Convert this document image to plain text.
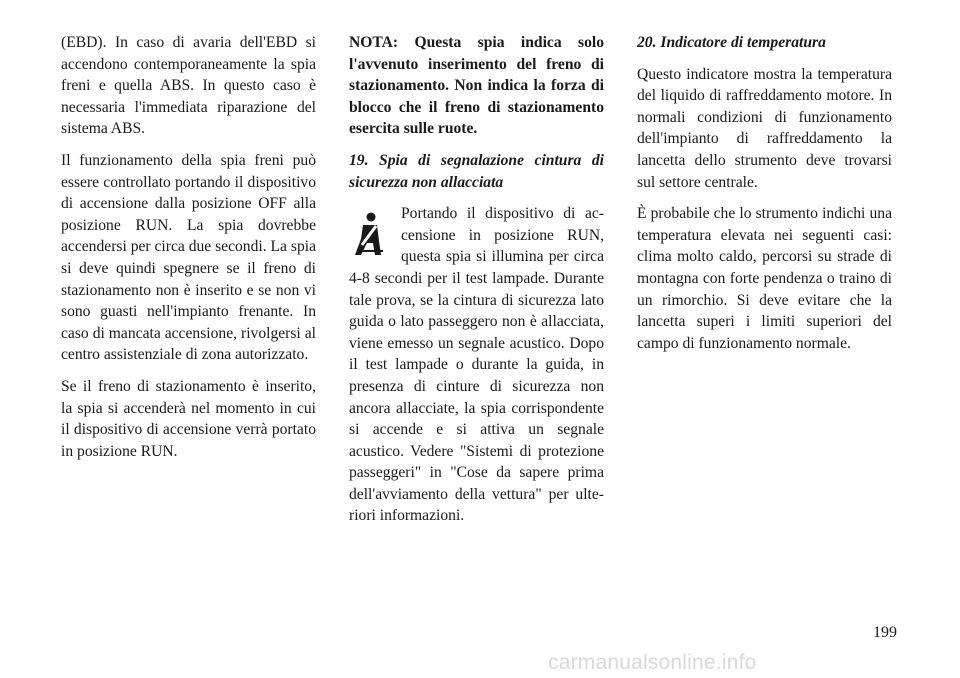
(EBD). In caso di avaria dell'EBD si accendono contemporaneamente la spia freni e quella ABS. In questo caso è necessaria l'immediata riparazione del sistema ABS.

Il funzionamento della spia freni può essere controllato portando il dispositivo di accensione dalla posizione OFF alla posizione RUN. La spia dovrebbe accendersi per circa due secondi. La spia si deve quindi spegnere se il freno di stazionamento non è inserito e se non vi sono guasti nell'impianto frenante. In caso di mancata accensione, rivolgersi al centro assistenziale di zona autorizzato.

Se il freno di stazionamento è inserito, la spia si accenderà nel momento in cui il dispositivo di accensione verrà portato in posizione RUN.

NOTA: Questa spia indica solo l'avvenuto inserimento del freno di stazionamento. Non indica la forza di blocco che il freno di stazionamento esercita sulle ruote.

19. Spia di segnalazione cintura di sicurezza non allacciata

Portando il dispositivo di accensione in posizione RUN, questa spia si illumina per circa 4-8 secondi per il test lampade. Durante tale prova, se la cintura di sicurezza lato guida o lato passeggero non è allacciata, viene emesso un segnale acustico. Dopo il test lampade o durante la guida, in presenza di cinture di sicurezza non ancora allacciate, la spia corrispondente si accende e si attiva un segnale acustico. Vedere "Sistemi di protezione passeggeri" in "Cose da sapere prima dell'avviamento della vettura" per ulteriori informazioni.

20. Indicatore di temperatura

Questo indicatore mostra la temperatura del liquido di raffreddamento motore. In normali condizioni di funzionamento dell'impianto di raffreddamento la lancetta dello strumento deve trovarsi sul settore centrale.

È probabile che lo strumento indichi una temperatura elevata nei seguenti casi: clima molto caldo, percorsi su strade di montagna con forte pendenza o traino di un rimorchio. Si deve evitare che la lancetta superi i limiti superiori del campo di funzionamento normale.

199
carmanualsonline.info
